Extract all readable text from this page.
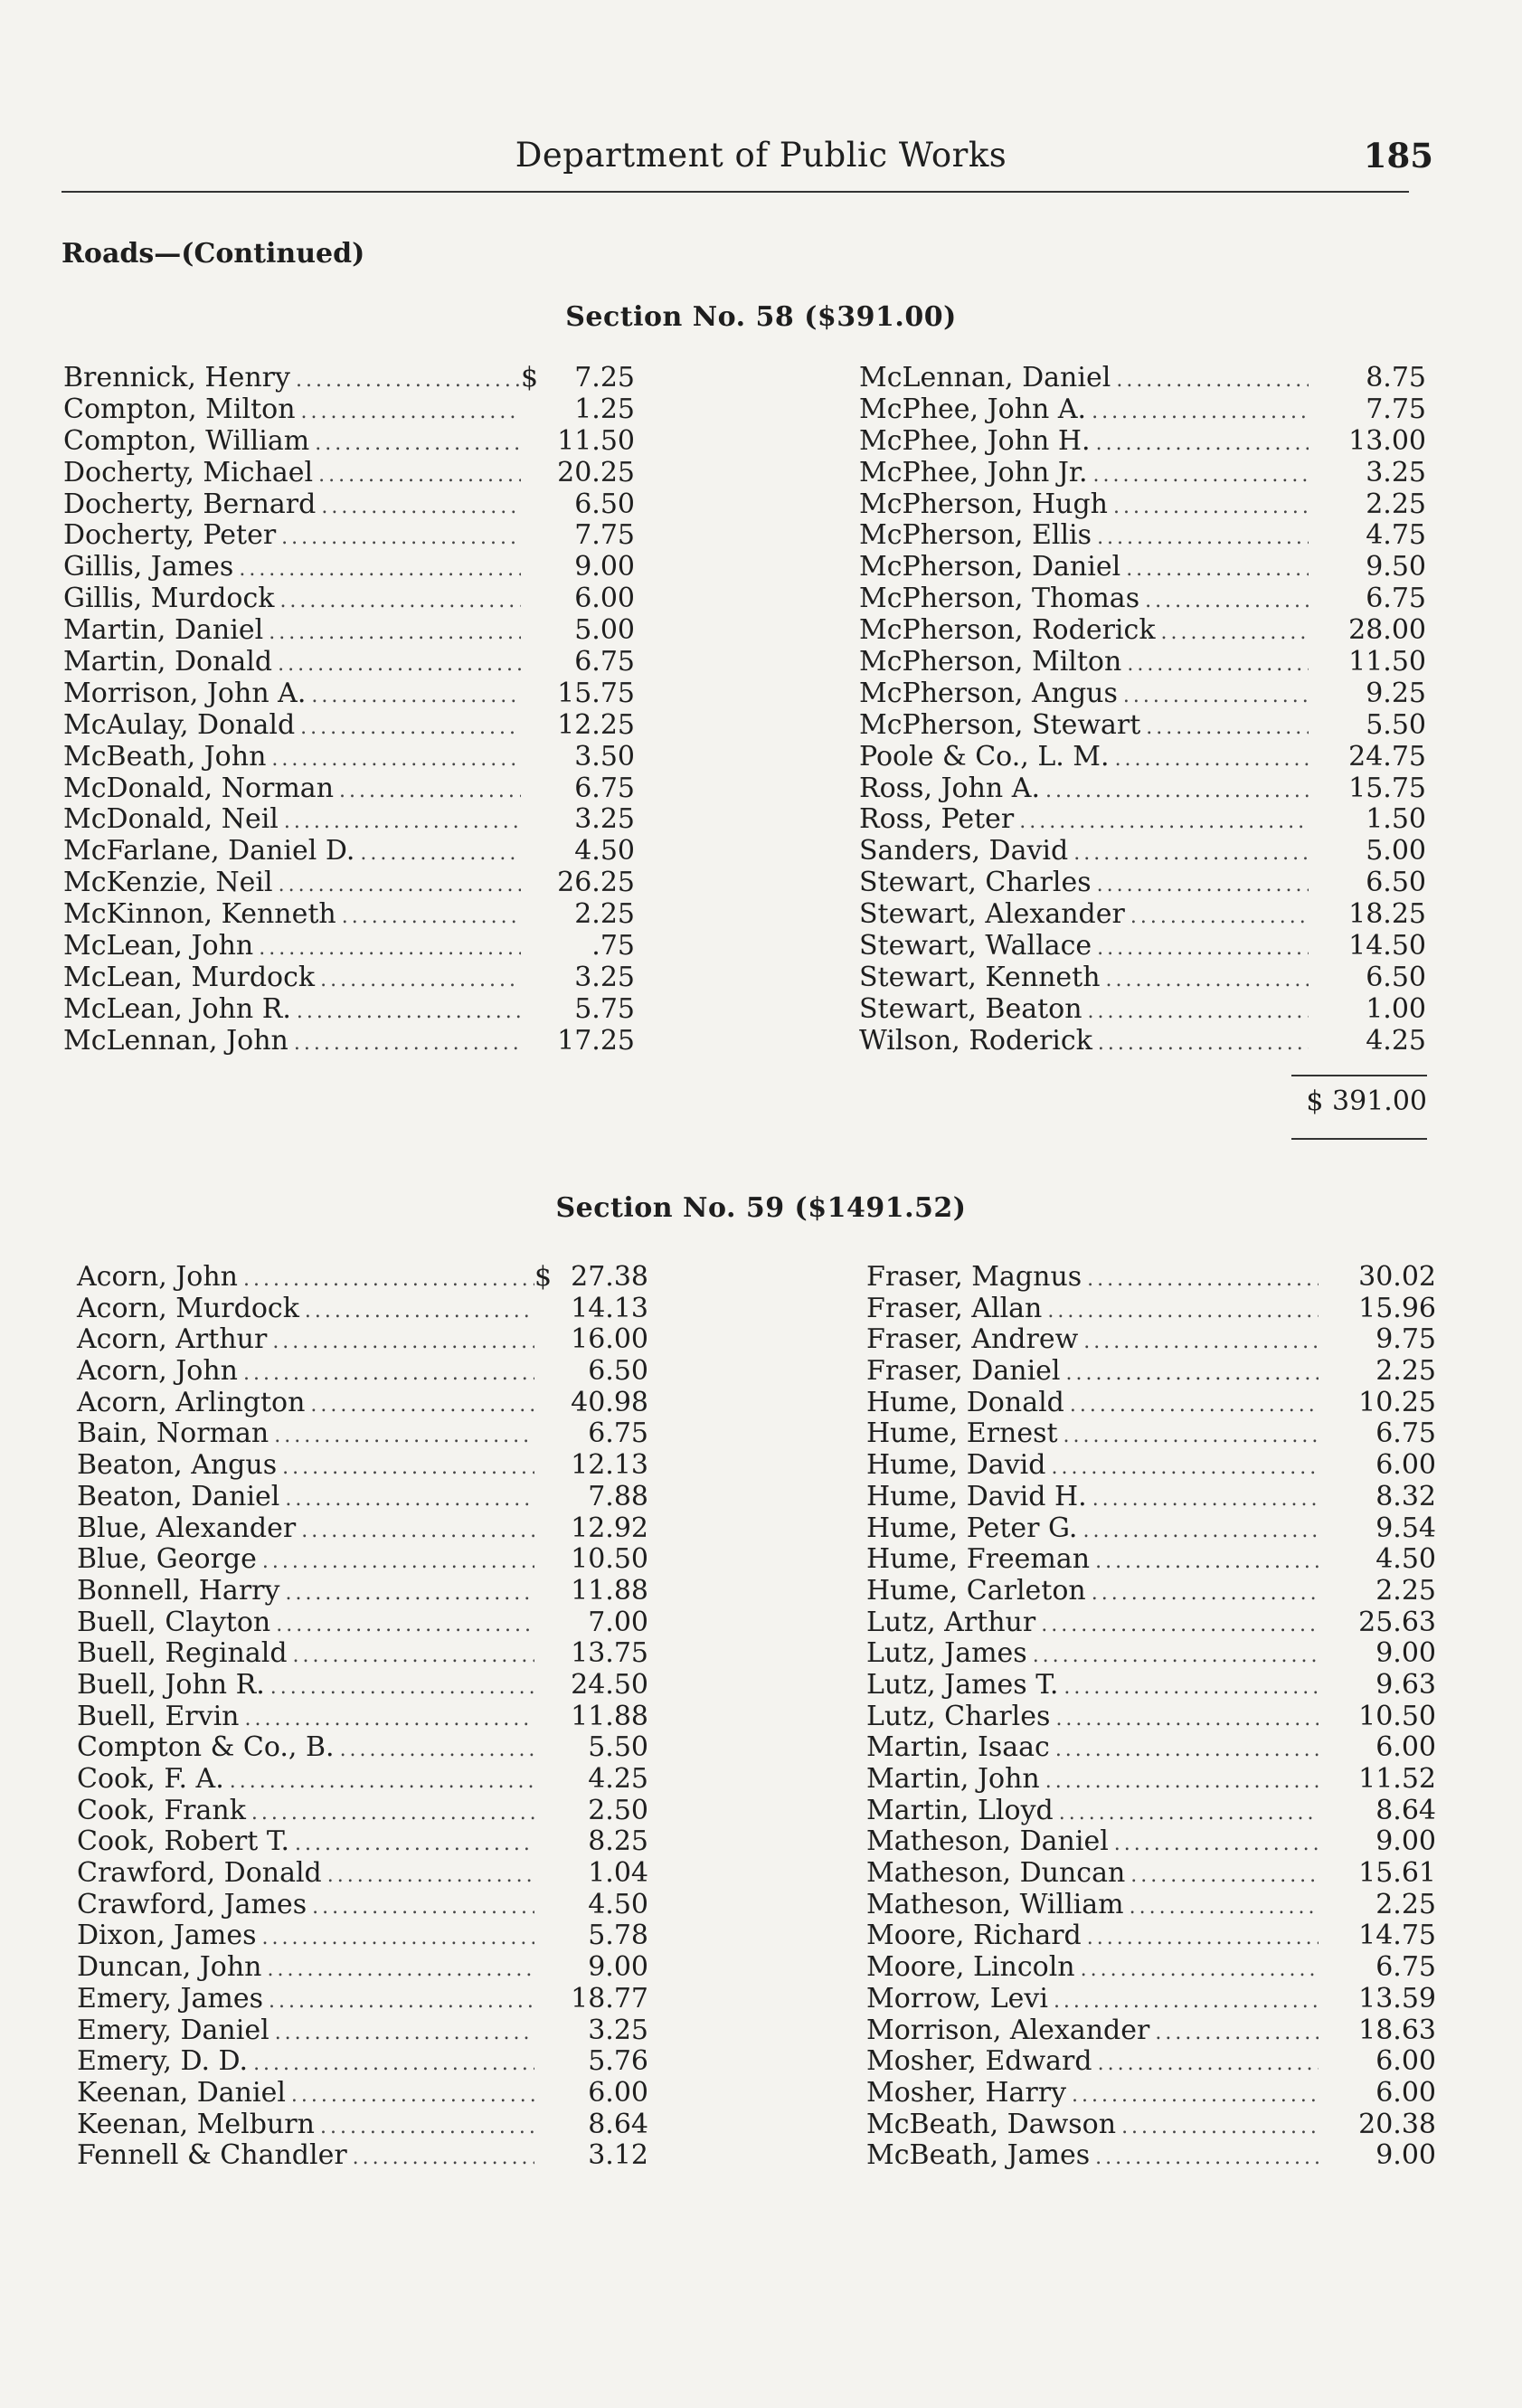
Department of Public Works	185
Roads—(Continued)
Section No. 58 ($391.00)
Brennick, Henry .....	$	7.25
Compton, Milton .....	1.25
Compton, William .....	11.50
Docherty, Michael .....	20.25
Docherty, Bernard .....	6.50
Docherty, Peter .....	7.75
Gillis, James .....	9.00
Gillis, Murdock .....	6.00
Martin, Daniel .....	5.00
Martin, Donald .....	6.75
Morrison, John A. .....	15.75
McAulay, Donald .....	12.25
McBeath, John .....	3.50
McDonald, Norman .....	6.75
McDonald, Neil .....	3.25
McFarlane, Daniel D. .....	4.50
McKenzie, Neil .....	26.25
McKinnon, Kenneth .....	2.25
McLean, John .....	.75
McLean, Murdock .....	3.25
McLean, John R. .....	5.75
McLennan, John .....	17.25
McLennan, Daniel .....	8.75
McPhee, John A. .....	7.75
McPhee, John H. .....	13.00
McPhee, John Jr. .....	3.25
McPherson, Hugh .....	2.25
McPherson, Ellis .....	4.75
McPherson, Daniel .....	9.50
McPherson, Thomas .....	6.75
McPherson, Roderick .....	28.00
McPherson, Milton .....	11.50
McPherson, Angus .....	9.25
McPherson, Stewart .....	5.50
Poole & Co., L. M. .....	24.75
Ross, John A. .....	15.75
Ross, Peter .....	1.50
Sanders, David .....	5.00
Stewart, Charles .....	6.50
Stewart, Alexander .....	18.25
Stewart, Wallace .....	14.50
Stewart, Kenneth .....	6.50
Stewart, Beaton .....	1.00
Wilson, Roderick .....	4.25
$ 391.00
Section No. 59 ($1491.52)
Acorn, John .....	$ 27.38
Acorn, Murdock .....	14.13
Acorn, Arthur .....	16.00
Acorn, John .....	6.50
Acorn, Arlington .....	40.98
Bain, Norman .....	6.75
Beaton, Angus .....	12.13
Beaton, Daniel .....	7.88
Blue, Alexander .....	12.92
Blue, George .....	10.50
Bonnell, Harry .....	11.88
Buell, Clayton .....	7.00
Buell, Reginald .....	13.75
Buell, John R. .....	24.50
Buell, Ervin .....	11.88
Compton & Co., B. .....	5.50
Cook, F. A. .....	4.25
Cook, Frank .....	2.50
Cook, Robert T. .....	8.25
Crawford, Donald .....	1.04
Crawford, James .....	4.50
Dixon, James .....	5.78
Duncan, John .....	9.00
Emery, James .....	18.77
Emery, Daniel .....	3.25
Emery, D. D. .....	5.76
Keenan, Daniel .....	6.00
Keenan, Melburn .....	8.64
Fennell & Chandler .....	3.12
Fraser, Magnus .....	30.02
Fraser, Allan .....	15.96
Fraser, Andrew .....	9.75
Fraser, Daniel .....	2.25
Hume, Donald .....	10.25
Hume, Ernest .....	6.75
Hume, David .....	6.00
Hume, David H. .....	8.32
Hume, Peter G. .....	9.54
Hume, Freeman .....	4.50
Hume, Carleton .....	2.25
Lutz, Arthur .....	25.63
Lutz, James .....	9.00
Lutz, James T. .....	9.63
Lutz, Charles .....	10.50
Martin, Isaac .....	6.00
Martin, John .....	11.52
Martin, Lloyd .....	8.64
Matheson, Daniel .....	9.00
Matheson, Duncan .....	15.61
Matheson, William .....	2.25
Moore, Richard .....	14.75
Moore, Lincoln .....	6.75
Morrow, Levi .....	13.59
Morrison, Alexander .....	18.63
Mosher, Edward .....	6.00
Mosher, Harry .....	6.00
McBeath, Dawson .....	20.38
McBeath, James .....	9.00
